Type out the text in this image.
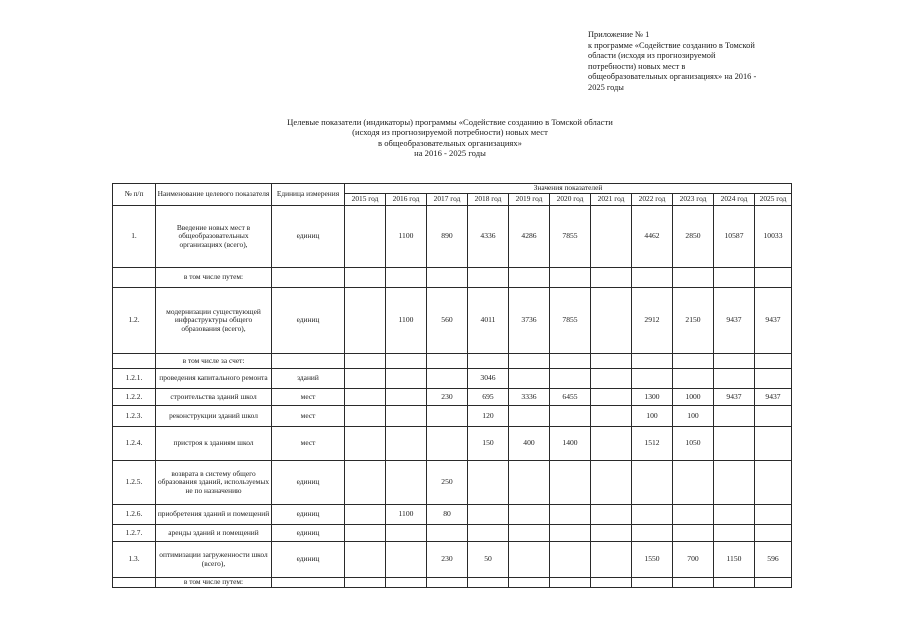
Приложение № 1
к программе «Содействие созданию в Томской
области (исходя из прогнозируемой
потребности) новых мест в
общеобразовательных организациях» на 2016 -
2025 годы
Целевые показатели (индикаторы) программы «Содействие созданию в Томской области
(исходя из прогнозируемой потребности) новых мест
в общеобразовательных организациях»
на 2016 - 2025 годы
№ п/п	Наименование целевого показателя	Единица измерения	Значения показателей										
			2015 год	2016 год	2017 год	2018 год	2019 год	2020 год	2021 год	2022 год	2023 год	2024 год	2025 год
1.	Введение новых мест в общеобразовательных организациях (всего),	единиц		1100	890	4336	4286	7855		4462	2850	10587	10033
	в том числе путем:												
1.2.	модернизации существующей инфраструктуры общего образования (всего),	единиц		1100	560	4011	3736	7855		2912	2150	9437	9437
	в том числе за счет:												
1.2.1.	проведения капитального ремонта	зданий				3046							
1.2.2.	строительства зданий школ	мест			230	695	3336	6455		1300	1000	9437	9437
1.2.3.	реконструкции зданий школ	мест				120				100	100		
1.2.4.	пристроя к зданиям школ	мест				150	400	1400		1512	1050		
1.2.5.	возврата в систему общего образования зданий, используемых не по назначению	единиц			250								
1.2.6.	приобретения зданий и помещений	единиц		1100	80								
1.2.7.	аренды зданий и помещений	единиц											
1.3.	оптимизации загруженности школ (всего),	единиц			230	50				1550	700	1150	596
	в том числе путем:												
